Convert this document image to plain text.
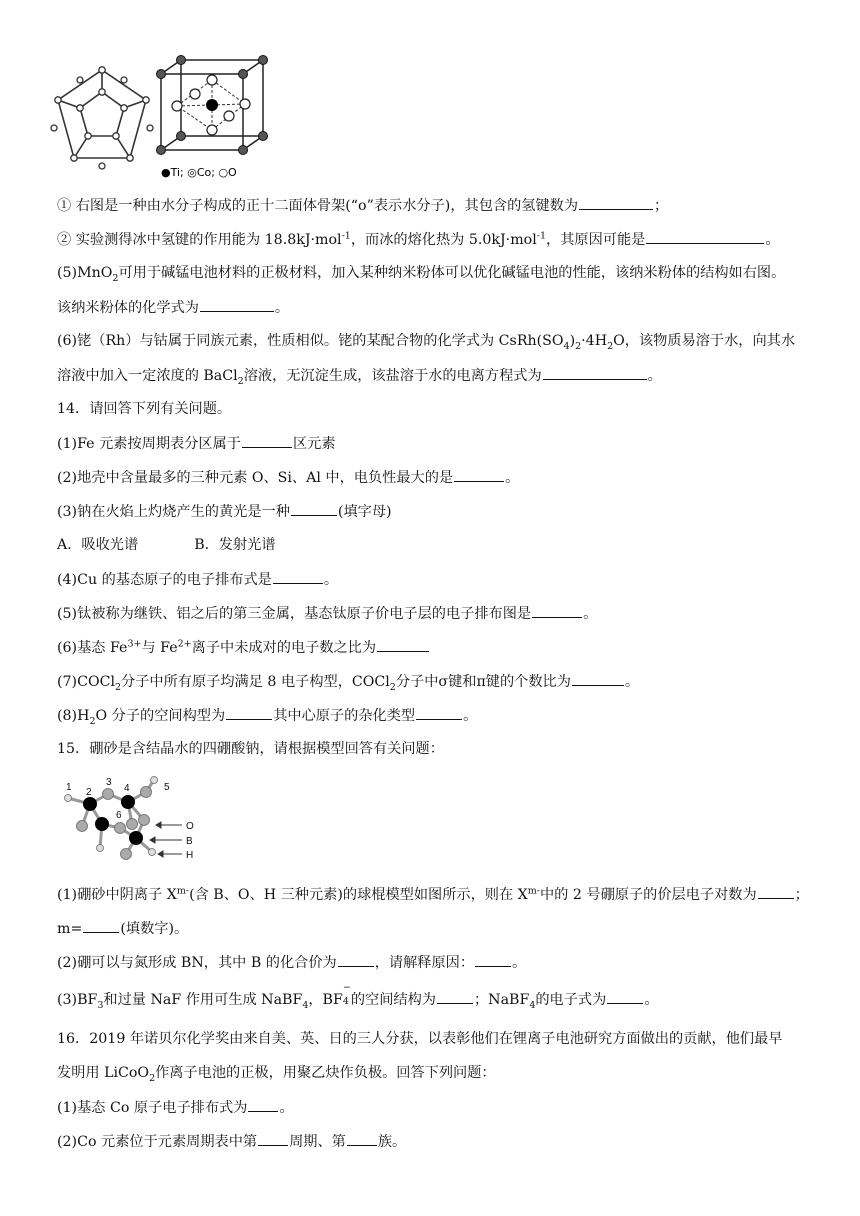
●Ti; ◎Co; ○O
① 右图是一种由水分子构成的正十二面体骨架(“o”表示水分子)，其包含的氢键数为	；
② 实验测得冰中氢键的作用能为 18.8kJ·mol$^{-1}$，而冰的熔化热为 5.0kJ·mol$^{-1}$，其原因可能是	。
(5)MnO$_2$可用于碱锰电池材料的正极材料，加入某种纳米粉体可以优化碱锰电池的性能，该纳米粉体的结构如右图。
该纳米粉体的化学式为	。
(6)铑（Rh）与钴属于同族元素，性质相似。铑的某配合物的化学式为 $CsRh(SO_4)_2\cdot 4H_2O$，该物质易溶于水，向其水
溶液中加入一定浓度的 BaCl$_2$溶液，无沉淀生成，该盐溶于水的电离方程式为	。
14．请回答下列有关问题。
(1)Fe 元素按周期表分区属于	区元素
(2)地壳中含量最多的三种元素 O、Si、Al 中，电负性最大的是	。
(3)钠在火焰上灼烧产生的黄光是一种	(填字母)
A．吸收光谱	B．发射光谱
(4)Cu 的基态原子的电子排布式是	。
(5)钛被称为继铁、铝之后的第三金属，基态钛原子价电子层的电子排布图是	。
(6)基态 $Fe^{3+}$与 $Fe^{2+}$离子中未成对的电子数之比为
(7)COCl$_2$分子中所有原子均满足 8 电子构型，COCl$_2$分子中σ键和π键的个数比为	。
$(8)H_2O$ 分子的空间构型为	其中心原子的杂化类型	。
15．硼砂是含结晶水的四硼酸钠，请根据模型回答有关问题：
1 2
3
4	5
6
O
B
H
(1)硼砂中阴离子 $X^{m-}$(含 B、O、H 三种元素)的球棍模型如图所示，则在 $X^{m-}$中的 2 号硼原子的价层电子对数为	；
m=	(填数字)。
(2)硼可以与氮形成 BN，其中 B 的化合价为	，请解释原因：	。
$(3)BF_3$和过量 NaF 作用可生成 NaBF$_4$，BF
−
4 的空间结构为	；NaBF$_4$的电子式为	。
16．2019 年诺贝尔化学奖由来自美、英、日的三人分获，以表彰他们在锂离子电池研究方面做出的贡献，他们最早
发明用 LiCoO$_2$作离子电池的正极，用聚乙炔作负极。回答下列问题：
(1)基态 Co 原子电子排布式为 。
(2)Co 元素位于元素周期表中第 周期、第 族。
